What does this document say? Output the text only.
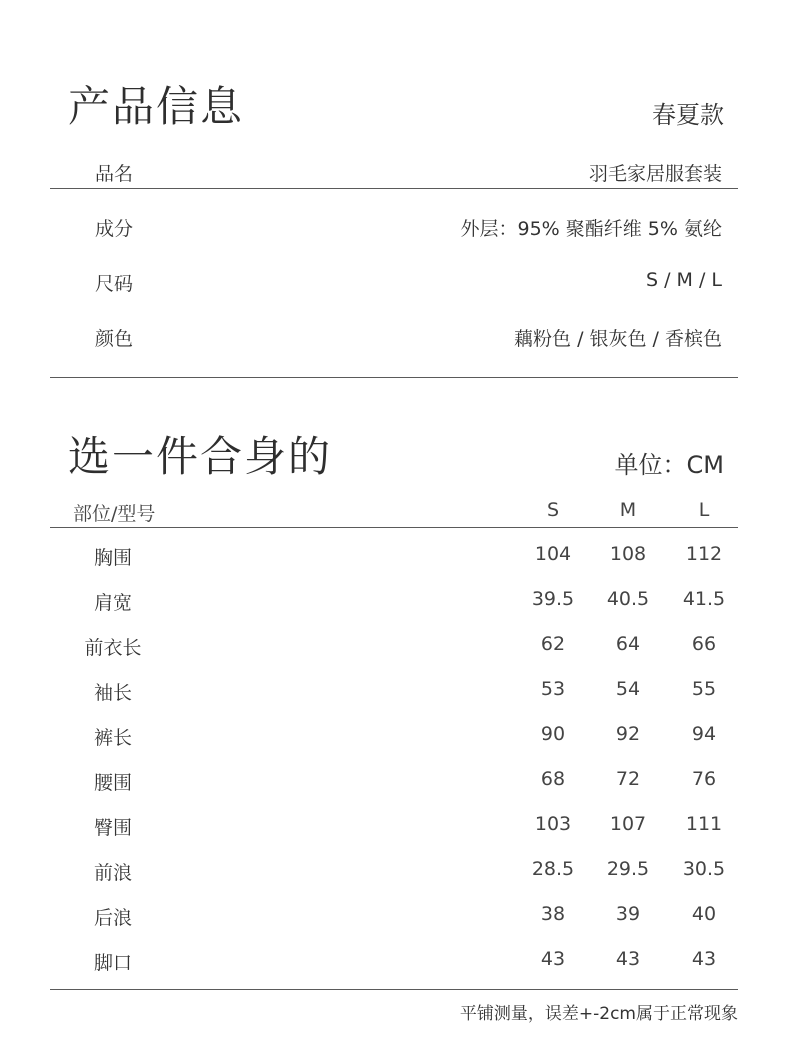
产品信息	春夏款
品名	羽毛家居服套装
成分	外层：95% 聚酯纤维 5% 氨纶
尺码	S / M / L
颜色	藕粉色 / 银灰色 / 香槟色
选一件合身的	单位：CM
部位/型号	S	M	L
胸围	104	108	112
肩宽	39.5	40.5	41.5
前衣长	62	64	66
袖长	53	54	55
裤长	90	92	94
腰围	68	72	76
臀围	103	107	111
前浪	28.5	29.5	30.5
后浪	38	39	40
脚口	43	43	43
平铺测量，误差+-2cm属于正常现象
